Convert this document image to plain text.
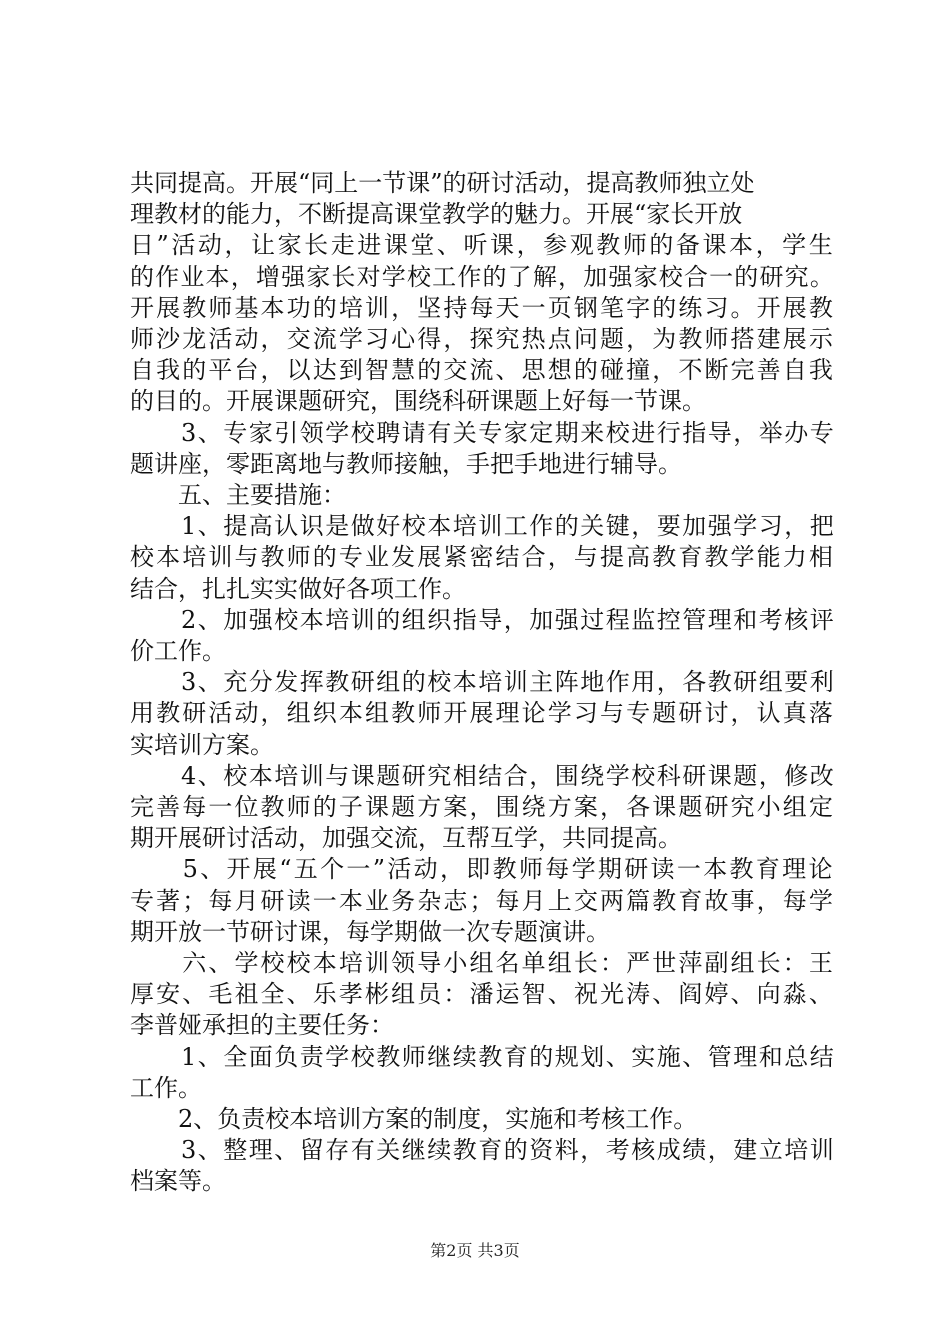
共同提高。开展“同上一节课”的研讨活动，提高教师独立处
理教材的能力，不断提高课堂教学的魅力。开展“家长开放
日”活动，让家长走进课堂、听课，参观教师的备课本，学生
的作业本，增强家长对学校工作的了解，加强家校合一的研究。
开展教师基本功的培训，坚持每天一页钢笔字的练习。开展教
师沙龙活动，交流学习心得，探究热点问题，为教师搭建展示
自我的平台，以达到智慧的交流、思想的碰撞，不断完善自我
的目的。开展课题研究，围绕科研课题上好每一节课。
　　3、专家引领学校聘请有关专家定期来校进行指导，举办专
题讲座，零距离地与教师接触，手把手地进行辅导。
　　五、主要措施：
　　1、提高认识是做好校本培训工作的关键，要加强学习，把
校本培训与教师的专业发展紧密结合，与提高教育教学能力相
结合，扎扎实实做好各项工作。
　　2、加强校本培训的组织指导，加强过程监控管理和考核评
价工作。
　　3、充分发挥教研组的校本培训主阵地作用，各教研组要利
用教研活动，组织本组教师开展理论学习与专题研讨，认真落
实培训方案。
　　4、校本培训与课题研究相结合，围绕学校科研课题，修改
完善每一位教师的子课题方案，围绕方案，各课题研究小组定
期开展研讨活动，加强交流，互帮互学，共同提高。
　　5、开展“五个一”活动，即教师每学期研读一本教育理论
专著；每月研读一本业务杂志；每月上交两篇教育故事，每学
期开放一节研讨课，每学期做一次专题演讲。
　　六、学校校本培训领导小组名单组长：严世萍副组长：王
厚安、毛祖全、乐孝彬组员：潘运智、祝光涛、阎婷、向淼、
李普娅承担的主要任务：
　　1、全面负责学校教师继续教育的规划、实施、管理和总结
工作。
　　2、负责校本培训方案的制度，实施和考核工作。
　　3、整理、留存有关继续教育的资料，考核成绩，建立培训
档案等。
第2页 共3页
